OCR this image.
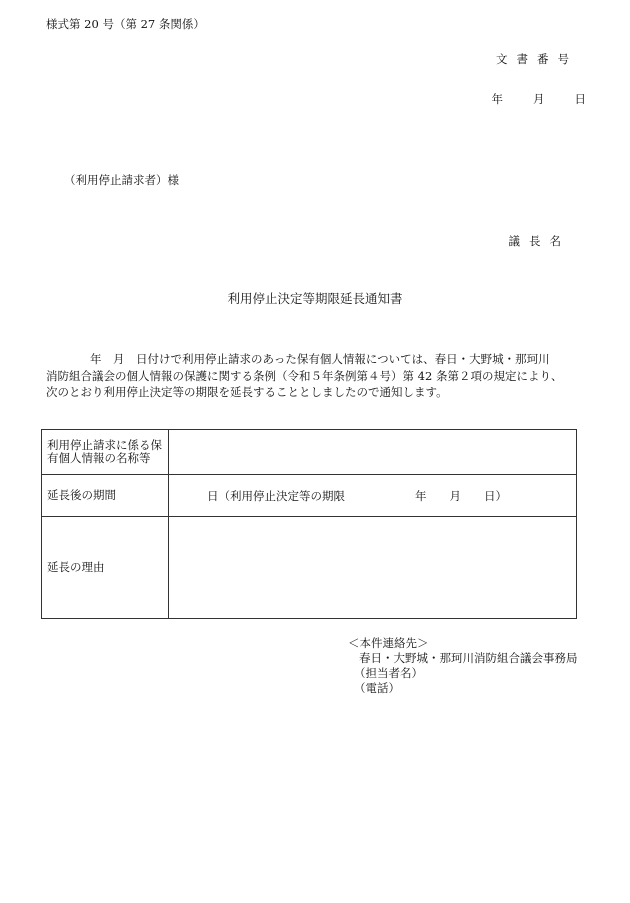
様式第 20 号（第 27 条関係）
文書番号
年	月	日
（利用停止請求者）様
議長名
利用停止決定等期限延長通知書

年　月　日付けで利用停止請求のあった保有個人情報については、春日・大野城・那珂川

消防組合議会の個人情報の保護に関する条例（令和５年条例第４号）第 42 条第２項の規定により、

次のとおり利用停止決定等の期限を延長することとしましたので通知します。

利用停止請求に係る保有個人情報の名称等	
延長後の期間	日（利用停止決定等の期限 年　　月　　日）
延長の理由	
＜本件連絡先＞
春日・大野城・那珂川消防組合議会事務局
（担当者名）
（電話）
